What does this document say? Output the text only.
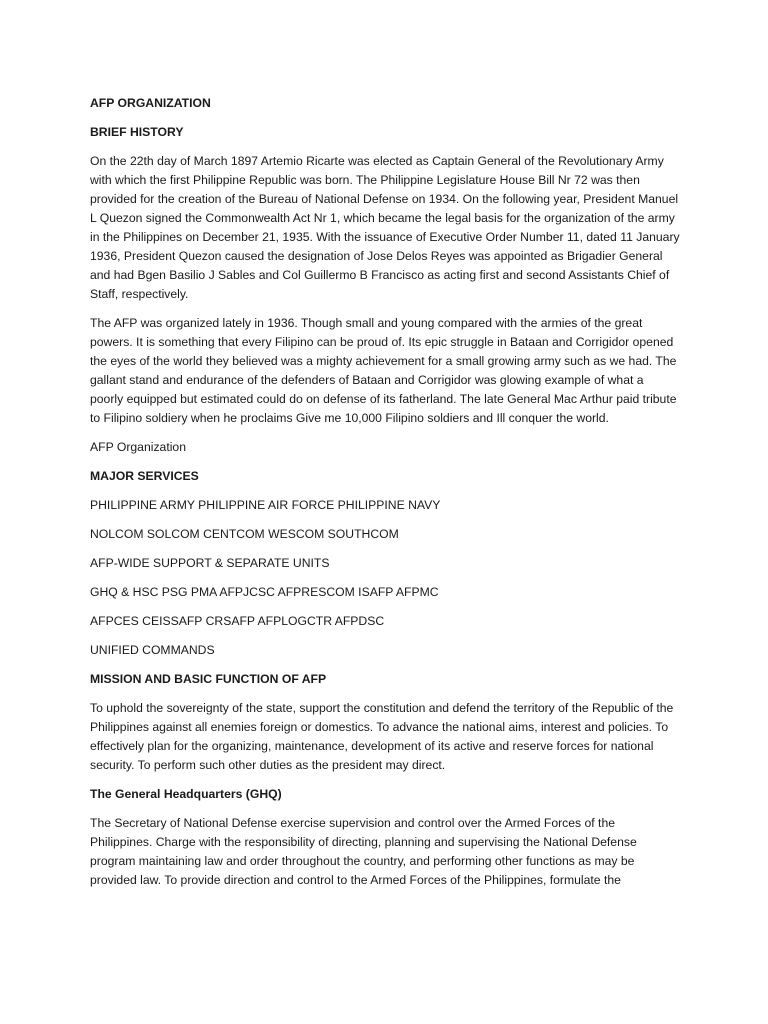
AFP ORGANIZATION

BRIEF HISTORY

On the 22th day of March 1897 Artemio Ricarte was elected as Captain General of the Revolutionary Army with which the first Philippine Republic was born. The Philippine Legislature House Bill Nr 72 was then provided for the creation of the Bureau of National Defense on 1934. On the following year, President Manuel L Quezon signed the Commonwealth Act Nr 1, which became the legal basis for the organization of the army in the Philippines on December 21, 1935. With the issuance of Executive Order Number 11, dated 11 January 1936, President Quezon caused the designation of Jose Delos Reyes was appointed as Brigadier General and had Bgen Basilio J Sables and Col Guillermo B Francisco as acting first and second Assistants Chief of Staff, respectively.

The AFP was organized lately in 1936. Though small and young compared with the armies of the great powers. It is something that every Filipino can be proud of. Its epic struggle in Bataan and Corrigidor opened the eyes of the world they believed was a mighty achievement for a small growing army such as we had. The gallant stand and endurance of the defenders of Bataan and Corrigidor was glowing example of what a poorly equipped but estimated could do on defense of its fatherland. The late General Mac Arthur paid tribute to Filipino soldiery when he proclaims Give me 10,000 Filipino soldiers and Ill conquer the world.

AFP Organization

MAJOR SERVICES

PHILIPPINE ARMY PHILIPPINE AIR FORCE PHILIPPINE NAVY

NOLCOM SOLCOM CENTCOM WESCOM SOUTHCOM

AFP-WIDE SUPPORT & SEPARATE UNITS

GHQ & HSC PSG PMA AFPJCSC AFPRESCOM ISAFP AFPMC

AFPCES CEISSAFP CRSAFP AFPLOGCTR AFPDSC

UNIFIED COMMANDS

MISSION AND BASIC FUNCTION OF AFP

To uphold the sovereignty of the state, support the constitution and defend the territory of the Republic of the Philippines against all enemies foreign or domestics. To advance the national aims, interest and policies. To effectively plan for the organizing, maintenance, development of its active and reserve forces for national security. To perform such other duties as the president may direct.

The General Headquarters (GHQ)

The Secretary of National Defense exercise supervision and control over the Armed Forces of the Philippines. Charge with the responsibility of directing, planning and supervising the National Defense program maintaining law and order throughout the country, and performing other functions as may be provided law. To provide direction and control to the Armed Forces of the Philippines, formulate the
